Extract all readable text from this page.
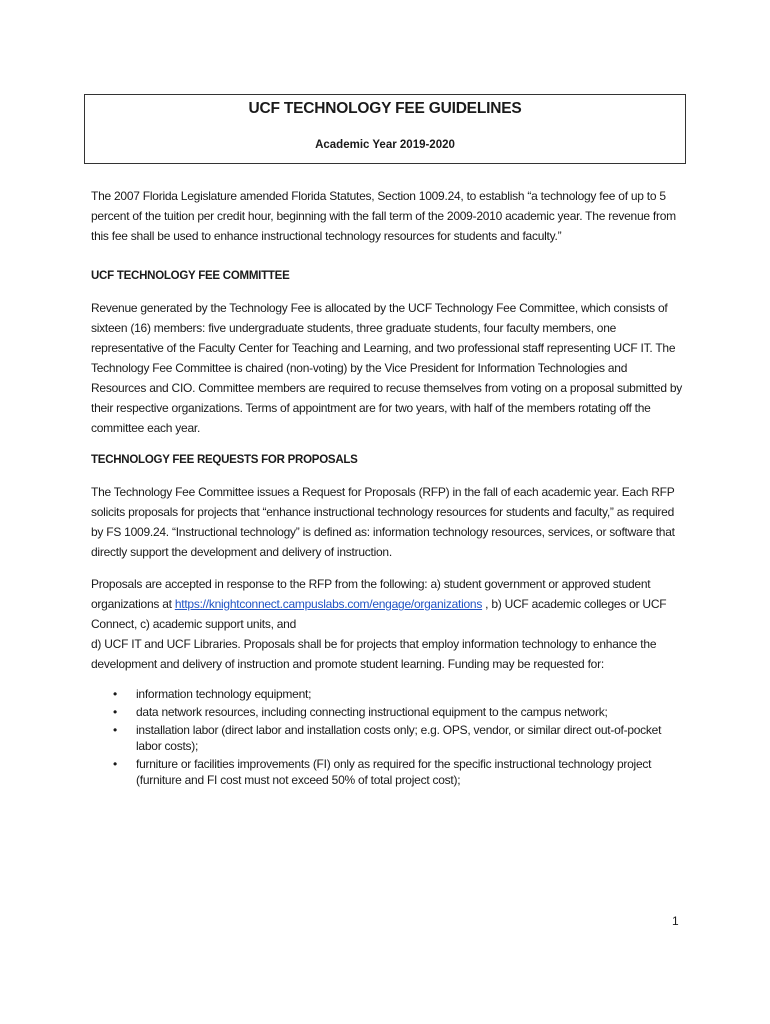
UCF TECHNOLOGY FEE GUIDELINES
Academic Year 2019-2020

The 2007 Florida Legislature amended Florida Statutes, Section 1009.24, to establish “a technology fee of up to 5 percent of the tuition per credit hour, beginning with the fall term of the 2009-2010 academic year. The revenue from this fee shall be used to enhance instructional technology resources for students and faculty.”

UCF TECHNOLOGY FEE COMMITTEE

Revenue generated by the Technology Fee is allocated by the UCF Technology Fee Committee, which consists of sixteen (16) members: five undergraduate students, three graduate students, four faculty members, one representative of the Faculty Center for Teaching and Learning, and two professional staff representing UCF IT. The Technology Fee Committee is chaired (non-voting) by the Vice President for Information Technologies and Resources and CIO. Committee members are required to recuse themselves from voting on a proposal submitted by their respective organizations. Terms of appointment are for two years, with half of the members rotating off the committee each year.

TECHNOLOGY FEE REQUESTS FOR PROPOSALS

The Technology Fee Committee issues a Request for Proposals (RFP) in the fall of each academic year. Each RFP solicits proposals for projects that “enhance instructional technology resources for students and faculty,” as required by FS 1009.24. “Instructional technology” is defined as: information technology resources, services, or software that directly support the development and delivery of instruction.

Proposals are accepted in response to the RFP from the following: a) student government or approved student organizations at https://knightconnect.campuslabs.com/engage/organizations , b) UCF academic colleges or UCF Connect, c) academic support units, and
d) UCF IT and UCF Libraries. Proposals shall be for projects that employ information technology to enhance the development and delivery of instruction and promote student learning. Funding may be requested for:

• information technology equipment;
• data network resources, including connecting instructional equipment to the campus network;
• installation labor (direct labor and installation costs only; e.g. OPS, vendor, or similar direct out-of-pocket labor costs);
• furniture or facilities improvements (FI) only as required for the specific instructional technology project (furniture and FI cost must not exceed 50% of total project cost);
1
